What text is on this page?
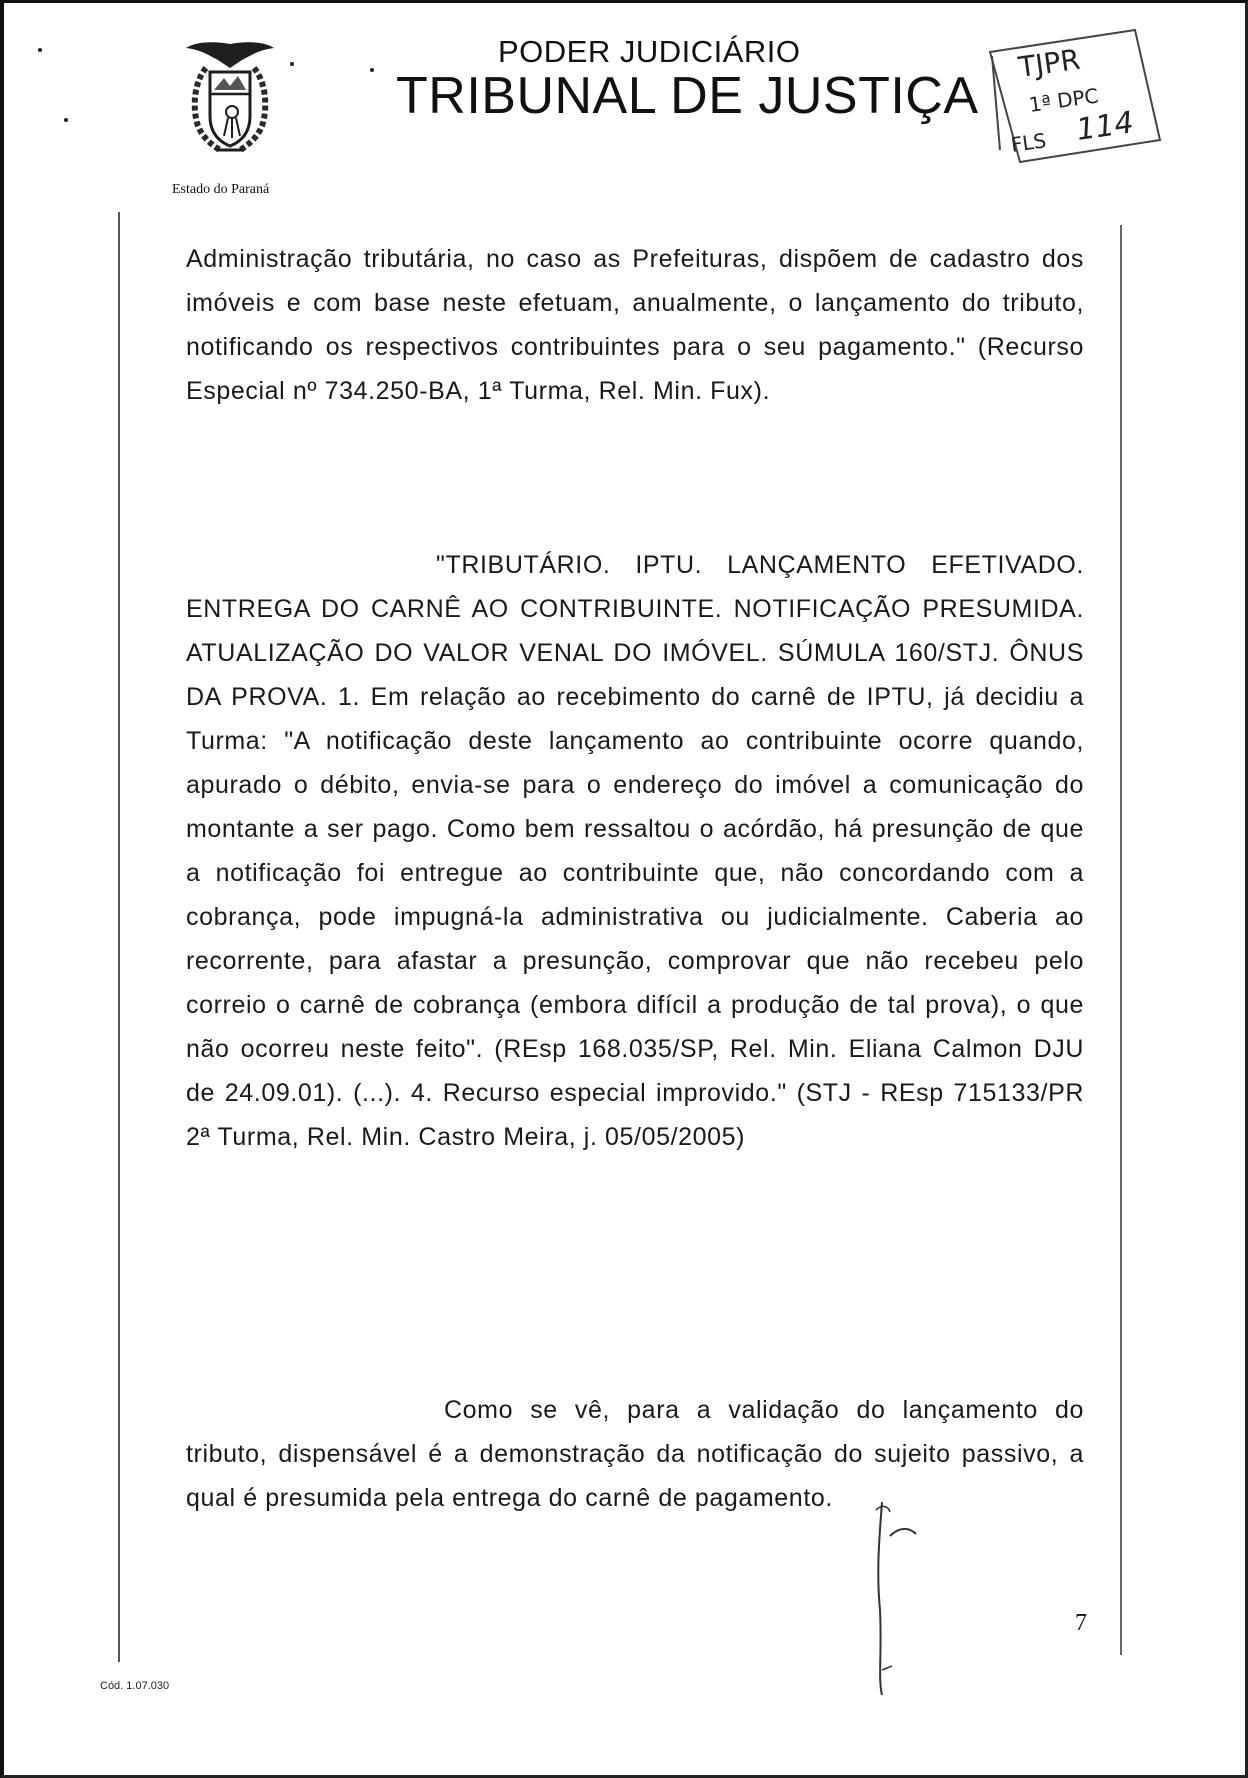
PODER JUDICIÁRIO
TRIBUNAL DE JUSTIÇA
Estado do Paraná
TJPR
1ª DPC
FLS 114
Administração tributária, no caso as Prefeituras, dispõem de cadastro dos imóveis e com base neste efetuam, anualmente, o lançamento do tributo, notificando os respectivos contribuintes para o seu pagamento." (Recurso Especial nº 734.250-BA, 1ª Turma, Rel. Min. Fux).
"TRIBUTÁRIO. IPTU. LANÇAMENTO EFETIVADO. ENTREGA DO CARNÊ AO CONTRIBUINTE. NOTIFICAÇÃO PRESUMIDA. ATUALIZAÇÃO DO VALOR VENAL DO IMÓVEL. SÚMULA 160/STJ. ÔNUS DA PROVA. 1. Em relação ao recebimento do carnê de IPTU, já decidiu a Turma: "A notificação deste lançamento ao contribuinte ocorre quando, apurado o débito, envia-se para o endereço do imóvel a comunicação do montante a ser pago. Como bem ressaltou o acórdão, há presunção de que a notificação foi entregue ao contribuinte que, não concordando com a cobrança, pode impugná-la administrativa ou judicialmente. Caberia ao recorrente, para afastar a presunção, comprovar que não recebeu pelo correio o carnê de cobrança (embora difícil a produção de tal prova), o que não ocorreu neste feito". (REsp 168.035/SP, Rel. Min. Eliana Calmon DJU de 24.09.01). (...). 4. Recurso especial improvido." (STJ - REsp 715133/PR 2ª Turma, Rel. Min. Castro Meira, j. 05/05/2005)
Como se vê, para a validação do lançamento do tributo, dispensável é a demonstração da notificação do sujeito passivo, a qual é presumida pela entrega do carnê de pagamento.
7
Cód. 1.07.030
